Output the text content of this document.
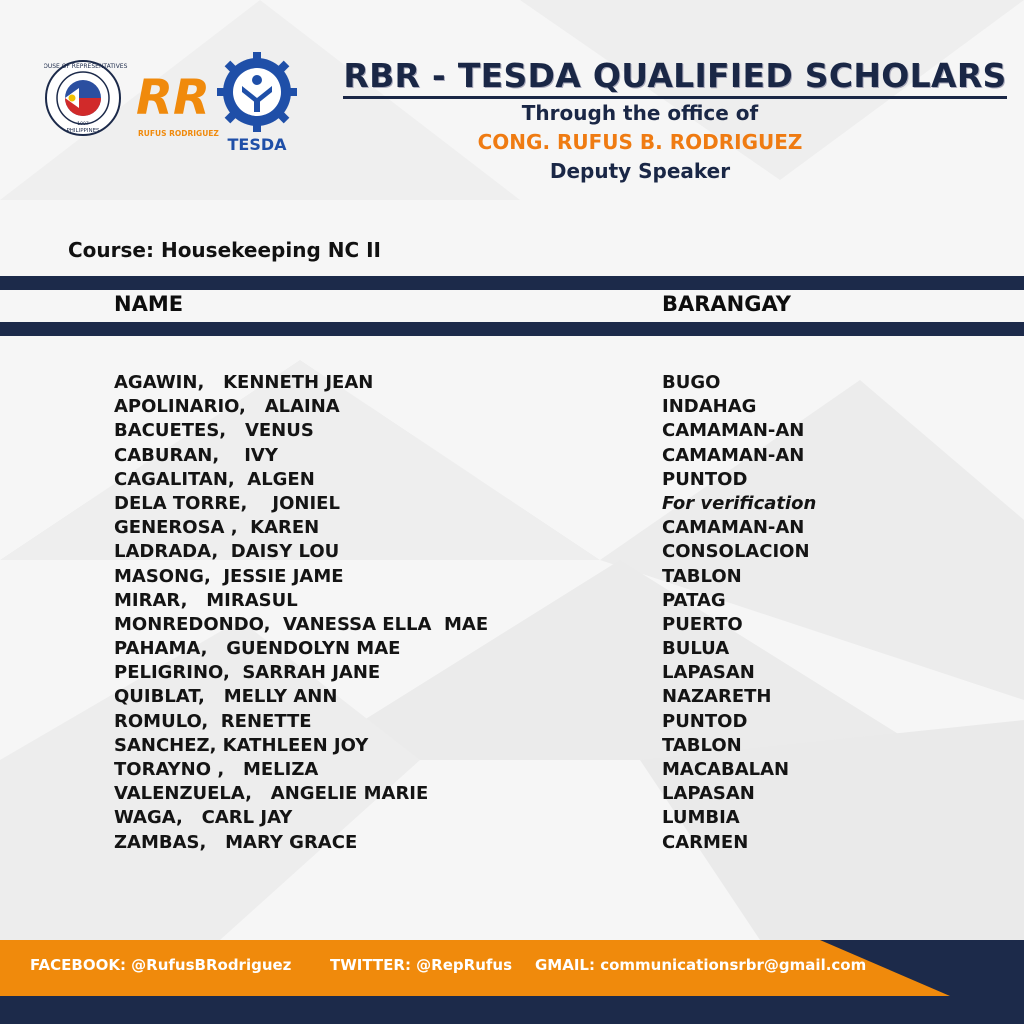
HOUSE OF REPRESENTATIVES
PHILIPPINES
1907 RR
RUFUS RODRIGUEZ
TESDA
RBR - TESDA QUALIFIED SCHOLARS
Through the office of
CONG. RUFUS B. RODRIGUEZ
Deputy Speaker
Course: Housekeeping NC II
NAME	BARANGAY
AGAWIN,   KENNETH JEAN	BUGO
APOLINARIO,   ALAINA	INDAHAG
BACUETES,   VENUS	CAMAMAN-AN
CABURAN,    IVY	CAMAMAN-AN
CAGALITAN,  ALGEN	PUNTOD
DELA TORRE,    JONIEL	For verification
GENEROSA ,  KAREN	CAMAMAN-AN
LADRADA,  DAISY LOU	CONSOLACION
MASONG,  JESSIE JAME	TABLON
MIRAR,   MIRASUL	PATAG
MONREDONDO,  VANESSA ELLA  MAE	PUERTO
PAHAMA,   GUENDOLYN MAE	BULUA
PELIGRINO,  SARRAH JANE	LAPASAN
QUIBLAT,   MELLY ANN	NAZARETH
ROMULO,  RENETTE	PUNTOD
SANCHEZ, KATHLEEN JOY	TABLON
TORAYNO ,   MELIZA	MACABALAN
VALENZUELA,   ANGELIE MARIE	LAPASAN
WAGA,   CARL JAY	LUMBIA
ZAMBAS,   MARY GRACE	CARMEN
FACEBOOK: @RufusBRodriguez	TWITTER: @RepRufus GMAIL: communicationsrbr@gmail.com
